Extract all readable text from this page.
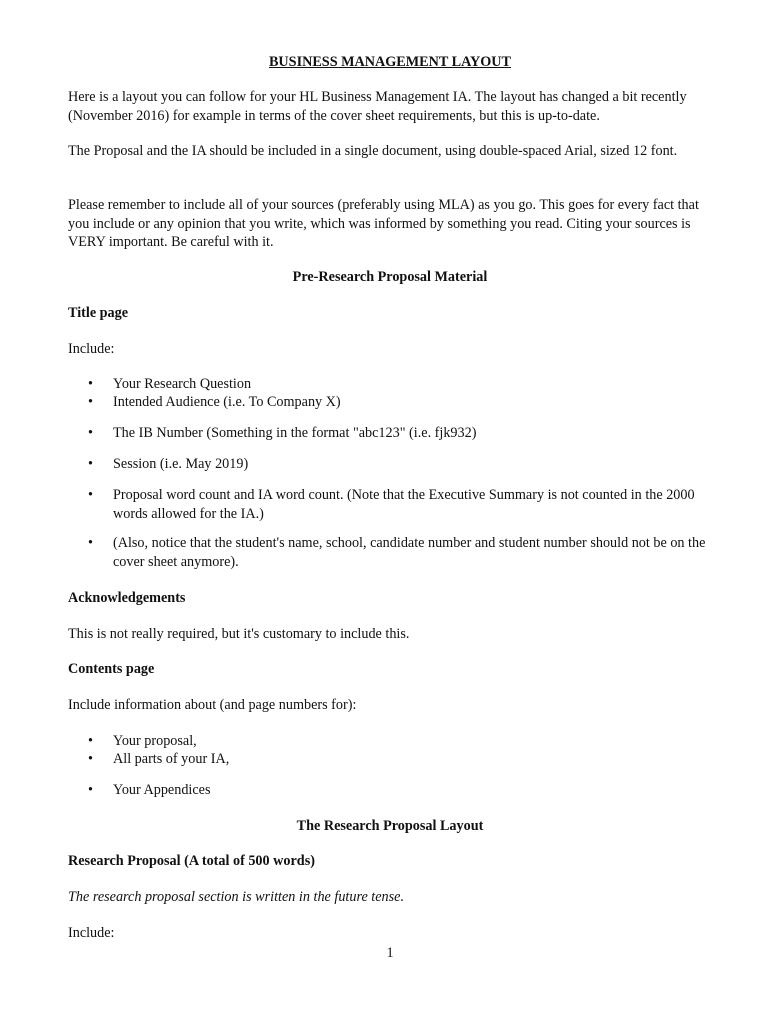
BUSINESS MANAGEMENT LAYOUT

Here is a layout you can follow for your HL Business Management IA. The layout has changed a bit recently (November 2016) for example in terms of the cover sheet requirements, but this is up-to-date.

The Proposal and the IA should be included in a single document, using double-spaced Arial, sized 12 font.

Please remember to include all of your sources (preferably using MLA) as you go. This goes for every fact that you include or any opinion that you write, which was informed by something you read. Citing your sources is VERY important. Be careful with it.

Pre-Research Proposal Material
Title page

Include:

• Your Research Question
• Intended Audience (i.e. To Company X)
• The IB Number (Something in the format "abc123" (i.e. fjk932)
• Session (i.e. May 2019)
• Proposal word count and IA word count. (Note that the Executive Summary is not counted in the 2000 words allowed for the IA.)
• (Also, notice that the student's name, school, candidate number and student number should not be on the cover sheet anymore).
Acknowledgements

This is not really required, but it's customary to include this.

Contents page

Include information about (and page numbers for):

• Your proposal,
• All parts of your IA,
• Your Appendices
The Research Proposal Layout
Research Proposal (A total of 500 words)

The research proposal section is written in the future tense.

Include:

1
